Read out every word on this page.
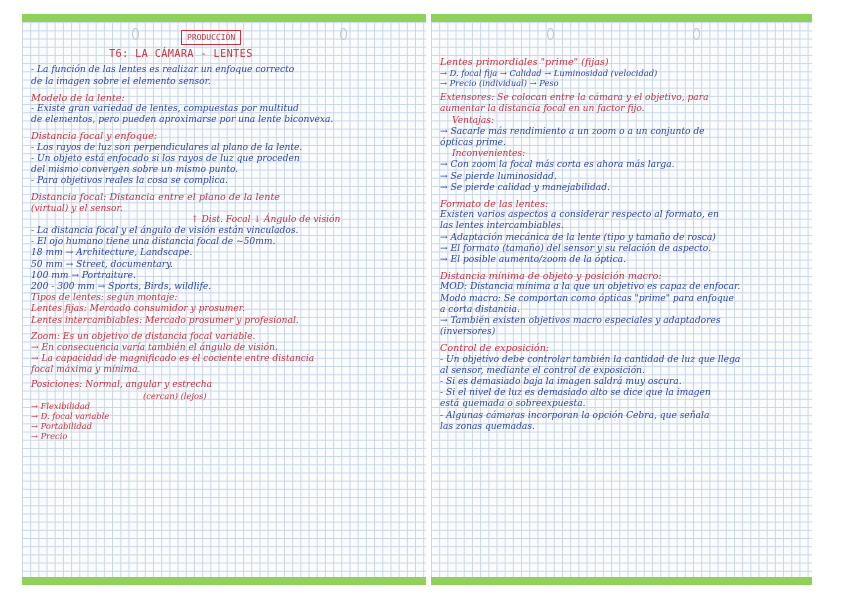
PRODUCCIÓN
T6: LA CÁMARA - LENTES
- La función de las lentes es realizar un enfoque correcto
de la imagen sobre el elemento sensor.
Modelo de la lente:
- Existe gran variedad de lentes, compuestas por multitud
de elementos, pero pueden aproximarse por una lente biconvexa.
Distancia focal y enfoque:
- Los rayos de luz son perpendiculares al plano de la lente.
- Un objeto está enfocado si los rayos de luz que proceden
del mismo convergen sobre un mismo punto.
- Para objetivos reales la cosa se complica.
Distancia focal: Distancia entre el plano de la lente
(virtual) y el sensor.
↑ Dist. Focal ↓ Ángulo de visión
- La distancia focal y el ángulo de visión están vinculados.
- El ojo humano tiene una distancia focal de ~50mm.
18 mm → Architecture, Landscape.
50 mm → Street, documentary.
100 mm → Portraiture.
200 - 300 mm → Sports, Birds, wildlife.
Tipos de lentes: según montaje:
Lentes fijas: Mercado consumidor y prosumer.
Lentes intercambiables: Mercado prosumer y profesional.
Zoom: Es un objetivo de distancia focal variable.
→ En consecuencia varía también el ángulo de visión.
→ La capacidad de magnificado es el cociente entre distancia
focal máxima y mínima.
Posiciones: Normal, angular y estrecha
(cercan) (lejos)
→ Flexibilidad
→ D. focal variable
→ Portabilidad
→ Precio
Lentes primordiales "prime" (fijas)
→ D. focal fija → Calidad → Luminosidad (velocidad)
→ Precio (individual) → Peso
Extensores: Se colocan entre la cámara y el objetivo, para
aumentar la distancia focal en un factor fijo.
Ventajas:
→ Sacarle más rendimiento a un zoom o a un conjunto de
ópticas prime.
Inconvenientes:
→ Con zoom la focal más corta es ahora más larga.
→ Se pierde luminosidad.
→ Se pierde calidad y manejabilidad.
Formato de las lentes:
Existen varios aspectos a considerar respecto al formato, en
las lentes intercambiables.
→ Adaptación mecánica de la lente (tipo y tamaño de rosca)
→ El formato (tamaño) del sensor y su relación de aspecto.
→ El posible aumento/zoom de la óptica.
Distancia mínima de objeto y posición macro:
MOD: Distancia mínima a la que un objetivo es capaz de enfocar.
Modo macro: Se comportan como ópticas "prime" para enfoque
a corta distancia.
→ También existen objetivos macro especiales y adaptadores
(inversores)
Control de exposición:
- Un objetivo debe controlar también la cantidad de luz que llega
al sensor, mediante el control de exposición.
- Si es demasiado baja la imagen saldrá muy oscura.
- Si el nivel de luz es demasiado alto se dice que la imagen
está quemada o sobreexpuesta.
- Algunas cámaras incorporan la opción Cebra, que señala
las zonas quemadas.
